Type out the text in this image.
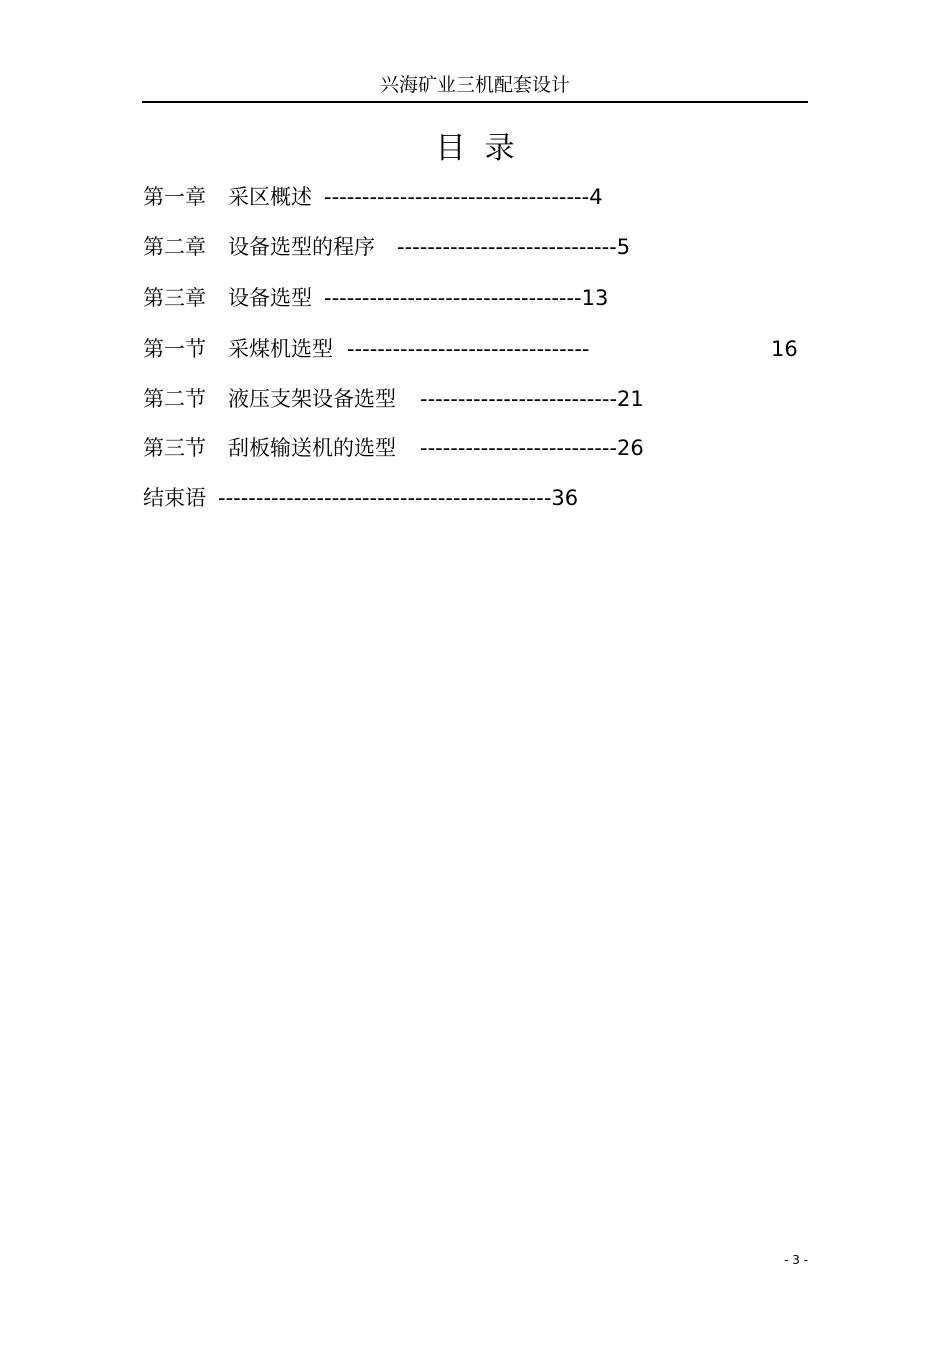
兴海矿业三机配套设计
目  录
第一章 采区概述 -----------------------------------4
第二章 设备选型的程序 -----------------------------5
第三章 设备选型 ----------------------------------13
第一节 采煤机选型 --------------------------------	16
第二节 液压支架设备选型 --------------------------21
第三节 刮板输送机的选型 --------------------------26
结束语 --------------------------------------------36
- 3 -
